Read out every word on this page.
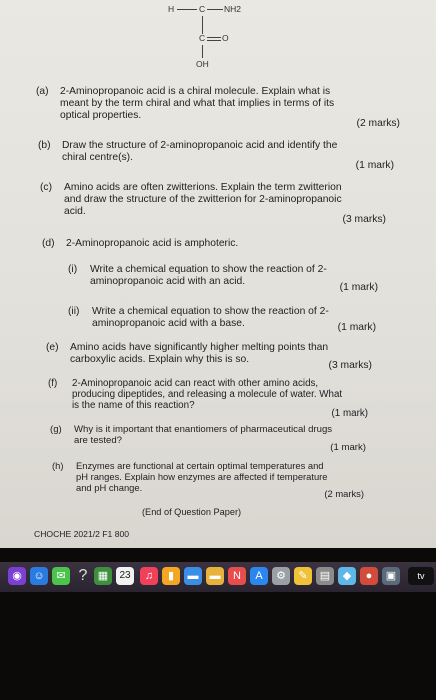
H	C NH2
C O
OH
(a) 2-Aminopropanoic acid is a chiral molecule. Explain what is
meant by the term chiral and what that implies in terms of its
optical properties.
(2 marks)
(b) Draw the structure of 2-aminopropanoic acid and identify the
chiral centre(s).
(1 mark)
(c) Amino acids are often zwitterions. Explain the term zwitterion
and draw the structure of the zwitterion for 2-aminopropanoic
acid.
(3 marks)
(d) 2-Aminopropanoic acid is amphoteric.
(i) Write a chemical equation to show the reaction of 2-
aminopropanoic acid with an acid.
(1 mark)
(ii) Write a chemical equation to show the reaction of 2-
aminopropanoic acid with a base.	(1 mark)
(e) Amino acids have significantly higher melting points than
carboxylic acids. Explain why this is so.
(3 marks)
(f) 2-Aminopropanoic acid can react with other amino acids,
producing dipeptides, and releasing a molecule of water. What
is the name of this reaction?
(1 mark)
(g) Why is it important that enantiomers of pharmaceutical drugs
are tested?
(1 mark)
(h) Enzymes are functional at certain optimal temperatures and
pH ranges. Explain how enzymes are affected if temperature
and pH change.
(2 marks)
(End of Question Paper)
CHOCHE 2021/2 F1 800
◉	☺	✉ ? ▦	23	♫	▮	▬	▬	N	A	⚙	✎	▤	◆	●	▣	tv
